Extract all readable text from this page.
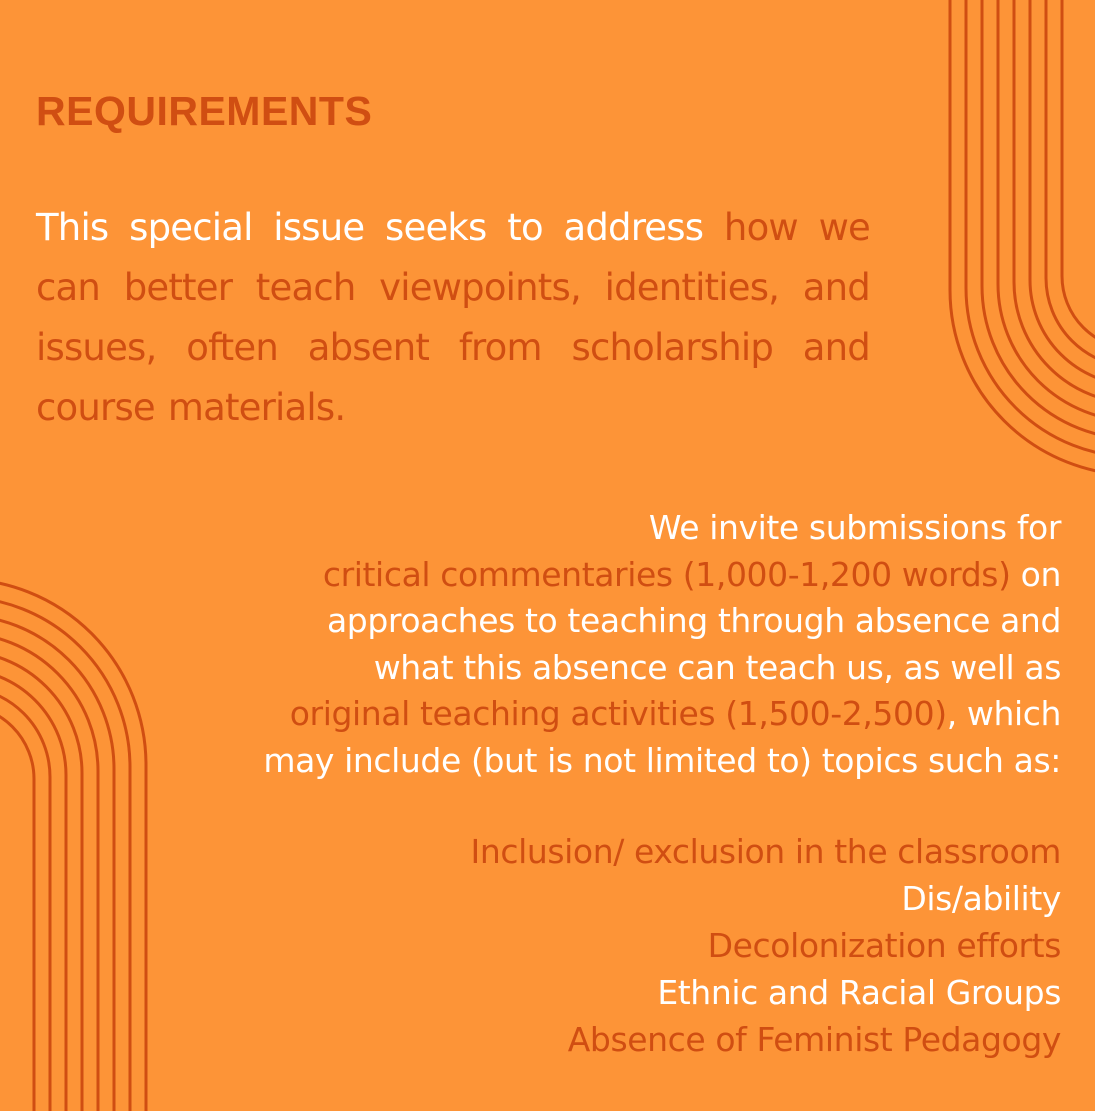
REQUIREMENTS

This special issue seeks to address how we can better teach viewpoints, identities, and issues, often absent from scholarship and course materials.

We invite submissions for
critical commentaries (1,000-1,200 words) on
approaches to teaching through absence and
what this absence can teach us, as well as
original teaching activities (1,500-2,500), which
may include (but is not limited to) topics such as:

Inclusion/ exclusion in the classroom
Dis/ability
Decolonization efforts
Ethnic and Racial Groups
Absence of Feminist Pedagogy
